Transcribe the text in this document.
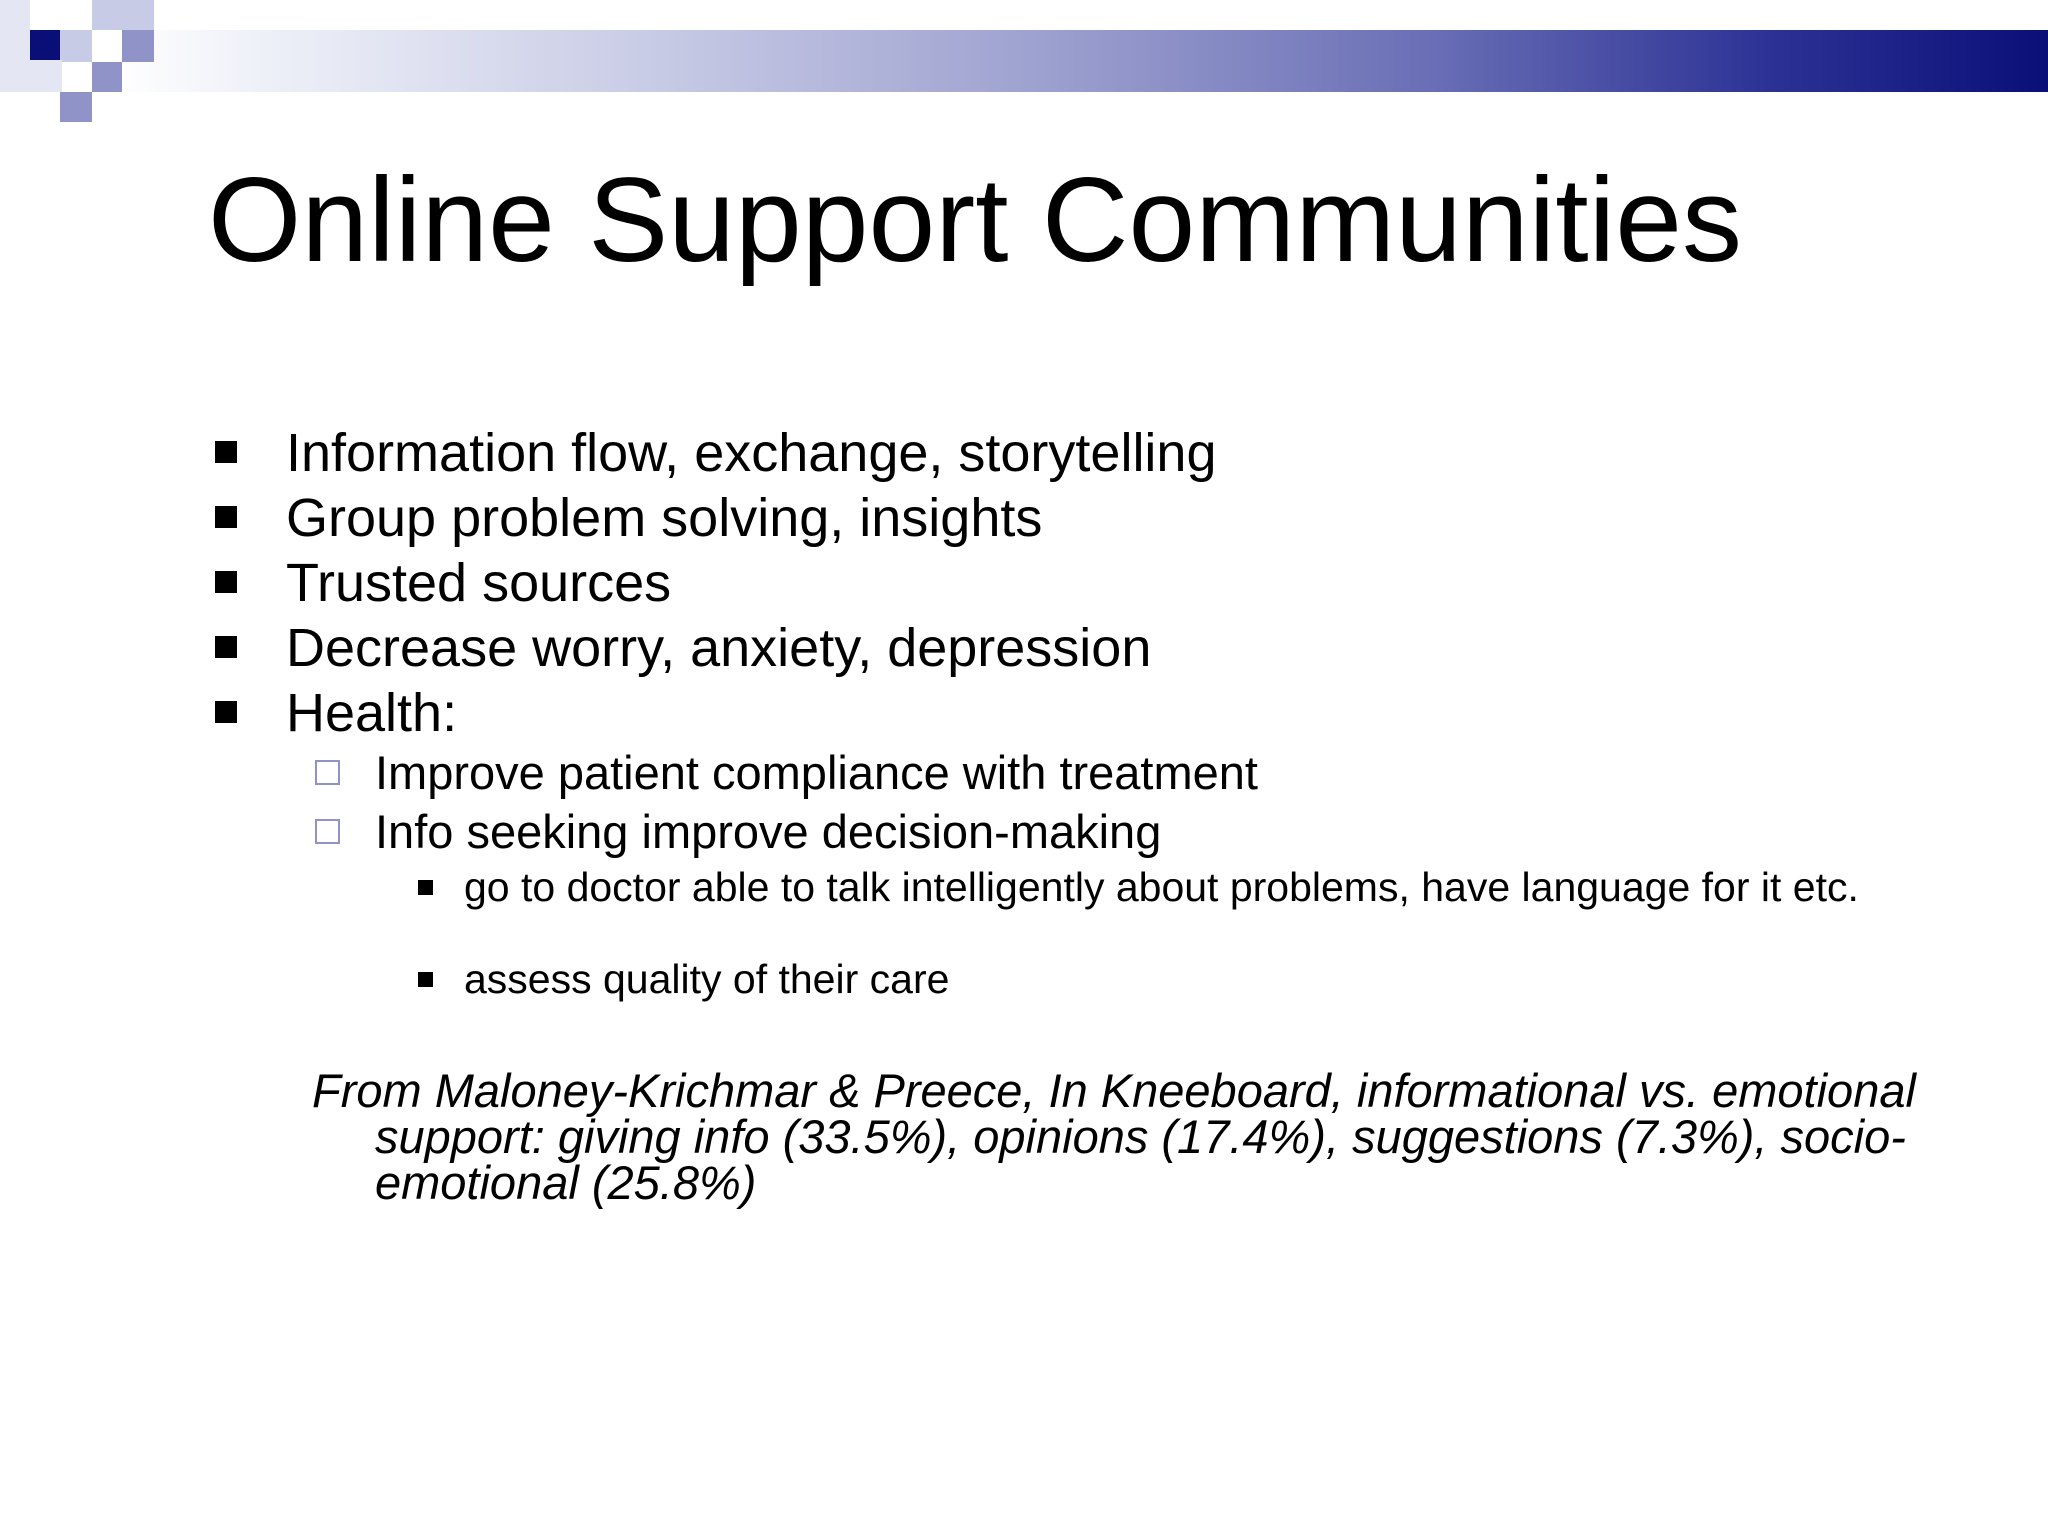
Online Support Communities
Information flow, exchange, storytelling
Group problem solving, insights
Trusted sources
Decrease worry, anxiety, depression
Health:
Improve patient compliance with treatment
Info seeking improve decision-making
go to doctor able to talk intelligently about problems, have language for it etc.
assess quality of their care
From Maloney-Krichmar & Preece, In Kneeboard, informational vs. emotional support: giving info (33.5%), opinions (17.4%), suggestions (7.3%), socio-emotional (25.8%)
